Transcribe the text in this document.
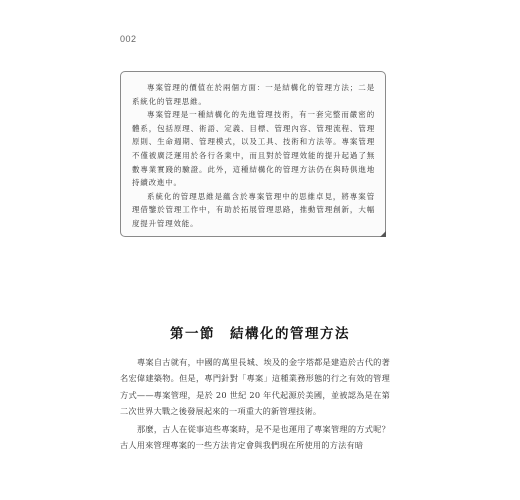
002

專案管理的價值在於兩個方面：一是結構化的管理方法；二是系統化的管理思維。

專案管理是一種結構化的先進管理技術，有一套完整而嚴密的體系，包括原理、術語、定義、目標、管理內容、管理流程、管理原則、生命週期、管理模式，以及工具、技術和方法等。專案管理不僅被廣泛運用於各行各業中，而且對於管理效能的提升起過了無數專業實踐的驗證。此外，這種結構化的管理方法仍在與時俱進地持續改進中。

系統化的管理思維是蘊含於專案管理中的思維卓見，將專案管理借鑒於管理工作中，有助於拓展管理思路，推動管理創新，大幅度提升管理效能。

第一節　結構化的管理方法

專案自古就有，中國的萬里長城、埃及的金字塔都是建造於古代的著名宏偉建築物。但是，專門針對「專案」這種業務形態的行之有效的管理方式——專案管理，是於 20 世紀 20 年代起源於美國，並被認為是在第二次世界大戰之後發展起來的一項重大的新管理技術。

那麼，古人在從事這些專案時，是不是也運用了專案管理的方式呢？古人用來管理專案的一些方法肯定會與我們現在所使用的方法有暗
